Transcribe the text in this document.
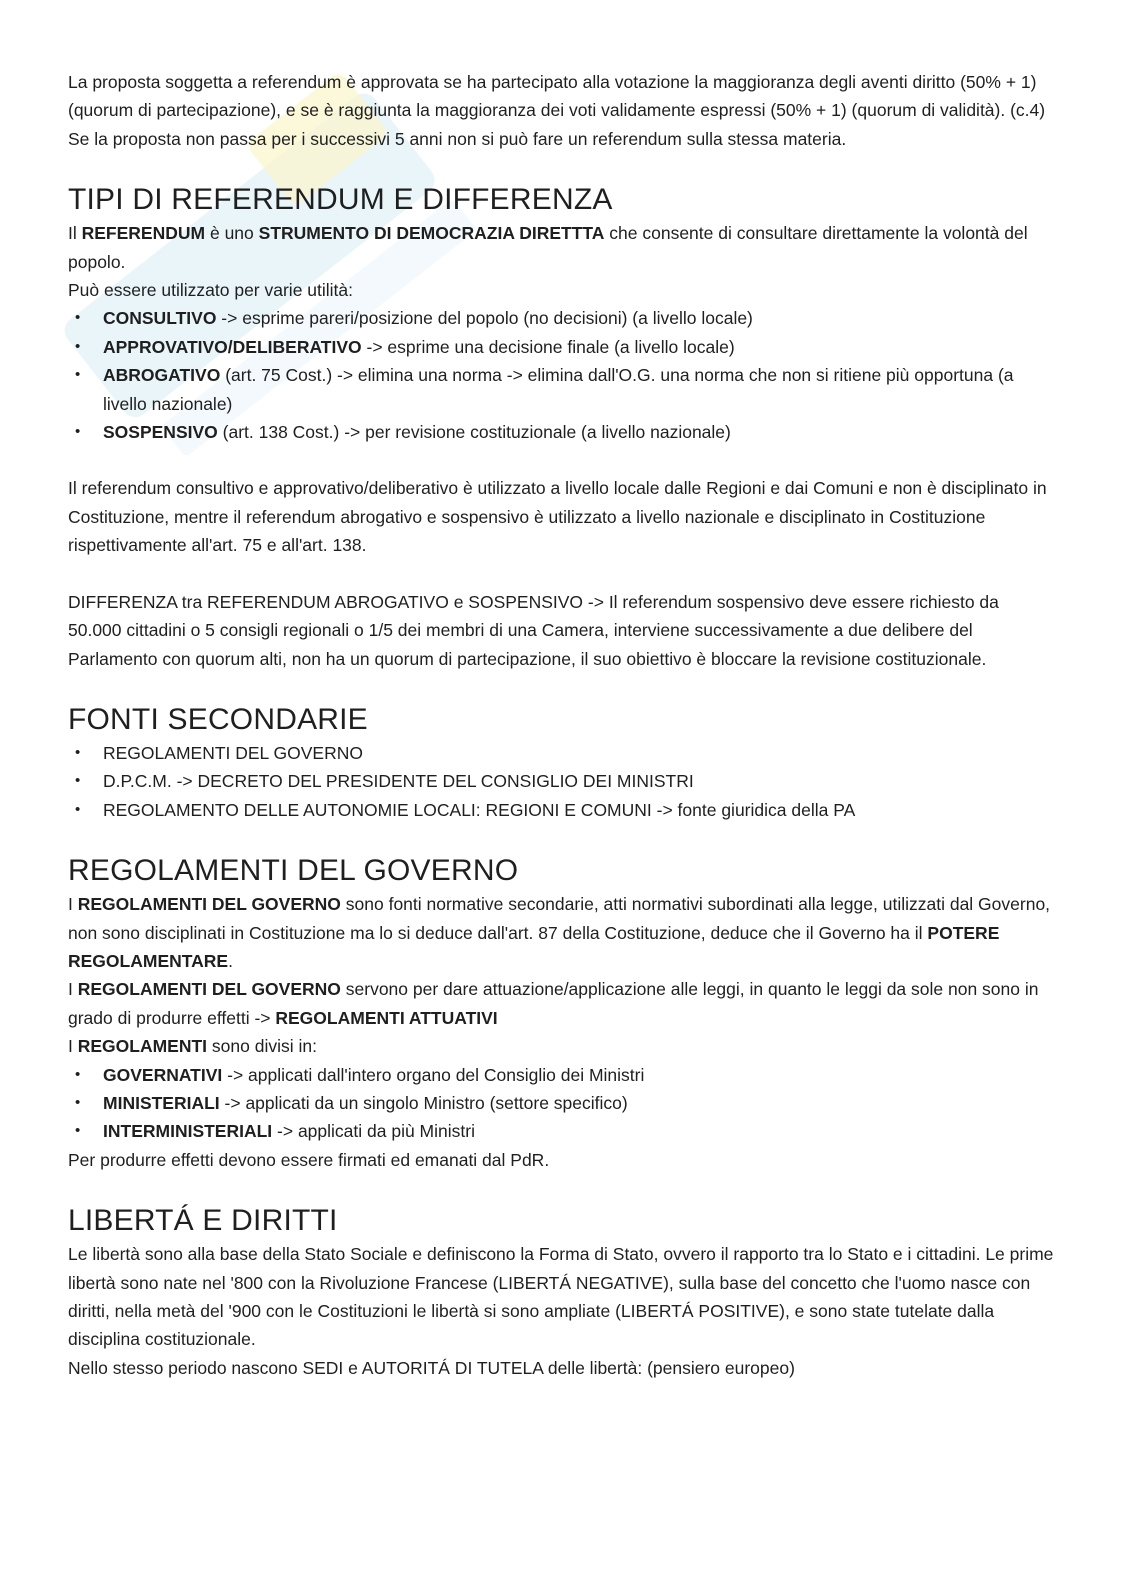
La proposta soggetta a referendum è approvata se ha partecipato alla votazione la maggioranza degli aventi diritto (50% + 1)(quorum di partecipazione), e se è raggiunta la maggioranza dei voti validamente espressi (50% + 1) (quorum di validità). (c.4)

Se la proposta non passa per i successivi 5 anni non si può fare un referendum sulla stessa materia.

TIPI DI REFERENDUM E DIFFERENZA

Il REFERENDUM è uno STRUMENTO DI DEMOCRAZIA DIRETTTA che consente di consultare direttamente la volontà del popolo.

Può essere utilizzato per varie utilità:

• CONSULTIVO -> esprime pareri/posizione del popolo (no decisioni) (a livello locale)
• APPROVATIVO/DELIBERATIVO -> esprime una decisione finale (a livello locale)
• ABROGATIVO (art. 75 Cost.) -> elimina una norma -> elimina dall'O.G. una norma che non si ritiene più opportuna (a livello nazionale)
• SOSPENSIVO (art. 138 Cost.) -> per revisione costituzionale (a livello nazionale)

Il referendum consultivo e approvativo/deliberativo è utilizzato a livello locale dalle Regioni e dai Comuni e non è disciplinato in Costituzione, mentre il referendum abrogativo e sospensivo è utilizzato a livello nazionale e disciplinato in Costituzione rispettivamente all'art. 75 e all'art. 138.

DIFFERENZA tra REFERENDUM ABROGATIVO e SOSPENSIVO -> Il referendum sospensivo deve essere richiesto da 50.000 cittadini o 5 consigli regionali o 1/5 dei membri di una Camera, interviene successivamente a due delibere del Parlamento con quorum alti, non ha un quorum di partecipazione, il suo obiettivo è bloccare la revisione costituzionale.

FONTI SECONDARIE
• REGOLAMENTI DEL GOVERNO
• D.P.C.M. -> DECRETO DEL PRESIDENTE DEL CONSIGLIO DEI MINISTRI
• REGOLAMENTO DELLE AUTONOMIE LOCALI: REGIONI E COMUNI -> fonte giuridica della PA
REGOLAMENTI DEL GOVERNO

I REGOLAMENTI DEL GOVERNO sono fonti normative secondarie, atti normativi subordinati alla legge, utilizzati dal Governo, non sono disciplinati in Costituzione ma lo si deduce dall'art. 87 della Costituzione, deduce che il Governo ha il POTERE REGOLAMENTARE.

I REGOLAMENTI DEL GOVERNO servono per dare attuazione/applicazione alle leggi, in quanto le leggi da sole non sono in grado di produrre effetti -> REGOLAMENTI ATTUATIVI

I REGOLAMENTI sono divisi in:

• GOVERNATIVI -> applicati dall'intero organo del Consiglio dei Ministri
• MINISTERIALI -> applicati da un singolo Ministro (settore specifico)
• INTERMINISTERIALI -> applicati da più Ministri

Per produrre effetti devono essere firmati ed emanati dal PdR.

LIBERTÁ E DIRITTI

Le libertà sono alla base della Stato Sociale e definiscono la Forma di Stato, ovvero il rapporto tra lo Stato e i cittadini. Le prime libertà sono nate nel '800 con la Rivoluzione Francese (LIBERTÁ NEGATIVE), sulla base del concetto che l'uomo nasce con diritti, nella metà del '900 con le Costituzioni le libertà si sono ampliate (LIBERTÁ POSITIVE), e sono state tutelate dalla disciplina costituzionale.

Nello stesso periodo nascono SEDI e AUTORITÁ DI TUTELA delle libertà: (pensiero europeo)
